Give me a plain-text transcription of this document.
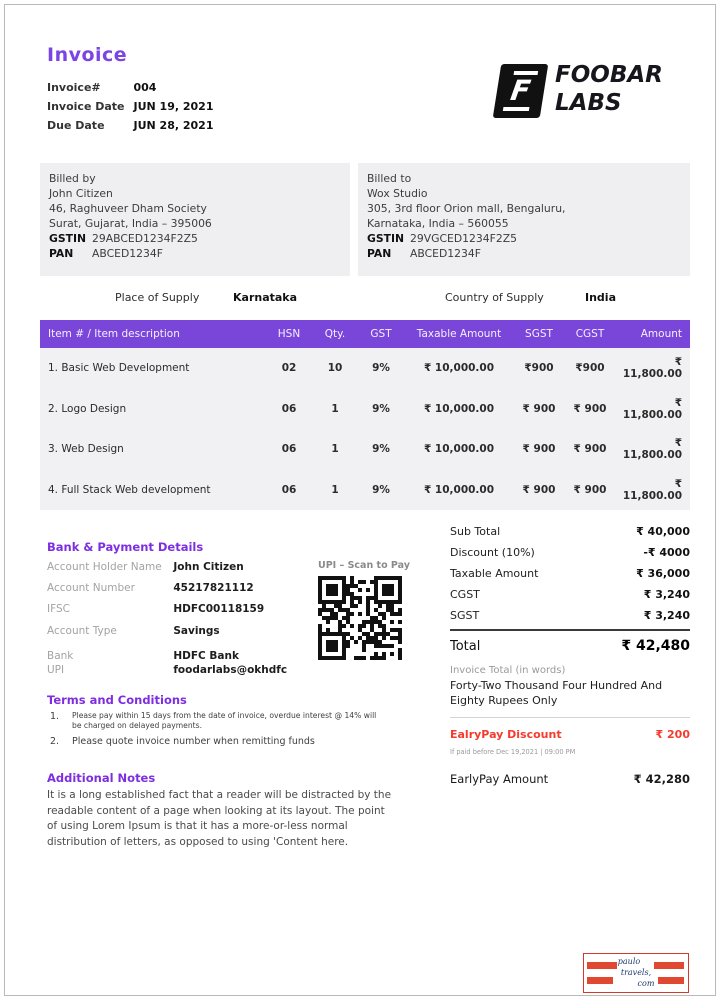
Invoice
Invoice#	004
Invoice Date JUN 19, 2021
Due Date	JUN 28, 2021
F FOOBAR
LABS
Billed by
John Citizen
46, Raghuveer Dham Society
Surat, Gujarat, India – 395006
GSTIN 29ABCED1234F2Z5
PAN ABCED1234F
Billed to
Wox Studio
305, 3rd floor Orion mall, Bengaluru,
Karnataka, India – 560055
GSTIN 29VGCED1234F2Z5
PAN ABCED1234F
Place of Supply	Karnataka	Country of Supply	India
Item # / Item description	HSN	Qty.	GST	Taxable Amount	SGST	CGST	Amount
1. Basic Web Development	02	10	9%	₹ 10,000.00	₹900	₹900	₹ 11,800.00
2. Logo Design	06	1	9%	₹ 10,000.00	₹ 900	₹ 900	₹ 11,800.00
3. Web Design	06	1	9%	₹ 10,000.00	₹ 900	₹ 900	₹ 11,800.00
4. Full Stack Web development	06	1	9%	₹ 10,000.00	₹ 900	₹ 900	₹ 11,800.00
Bank & Payment Details
Account Holder Name John Citizen
Account Number	45217821112
IFSC	HDFC00118159
Account Type	Savings
Bank	HDFC Bank
UPI	foodarlabs@okhdfc
UPI – Scan to Pay
Terms and Conditions
1. Please pay within 15 days from the date of invoice, overdue interest @ 14% will be charged on delayed payments.
2. Please quote invoice number when remitting funds
Additional Notes
It is a long established fact that a reader will be distracted by the readable content of a page when looking at its layout. The point of using Lorem Ipsum is that it has a more-or-less normal distribution of letters, as opposed to using 'Content here.
Sub Total	₹ 40,000
Discount (10%)	-₹ 4000
Taxable Amount	₹ 36,000
CGST	₹ 3,240
SGST	₹ 3,240
Total	₹ 42,480
Invoice Total (in words)
Forty-Two Thousand Four Hundred And Eighty Rupees Only
EalryPay Discount	₹ 200
If paid before Dec 19,2021 | 09:00 PM
EarlyPay Amount	₹ 42,280
paulo
travels,
com
